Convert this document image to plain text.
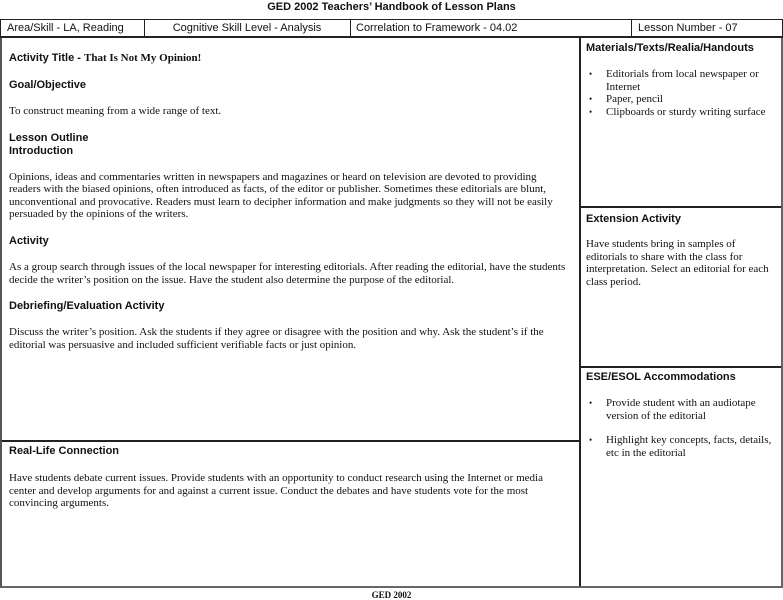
GED 2002 Teachers’ Handbook of Lesson Plans
Area/Skill - LA, Reading	Cognitive Skill Level - Analysis	Correlation to Framework - 04.02	Lesson Number - 07
Activity Title - That Is Not My Opinion!
Goal/Objective
To construct meaning from a wide range of text.
Lesson Outline
Introduction
Opinions, ideas and commentaries written in newspapers and magazines or heard on television are devoted to providing readers with the biased opinions, often introduced as facts, of the editor or publisher. Sometimes these editorials are blunt, unconventional and provocative. Readers must learn to decipher information and make judgments so they will not be easily persuaded by the opinions of the writers.
Activity
As a group search through issues of the local newspaper for interesting editorials. After reading the editorial, have the students decide the writer’s position on the issue. Have the student also determine the purpose of the editorial.
Debriefing/Evaluation Activity
Discuss the writer’s position. Ask the students if they agree or disagree with the position and why. Ask the student’s if the editorial was persuasive and included sufficient verifiable facts or just opinion.
Real-Life Connection
Have students debate current issues. Provide students with an opportunity to conduct research using the Internet or media center and develop arguments for and against a current issue. Conduct the debates and have students vote for the most convincing arguments.
Materials/Texts/Realia/Handouts
• Editorials from local newspaper or Internet
• Paper, pencil
• Clipboards or sturdy writing surface
Extension Activity
Have students bring in samples of editorials to share with the class for interpretation. Select an editorial for each class period.
ESE/ESOL Accommodations
• Provide student with an audiotape version of the editorial
• Highlight key concepts, facts, details, etc in the editorial
GED 2002
